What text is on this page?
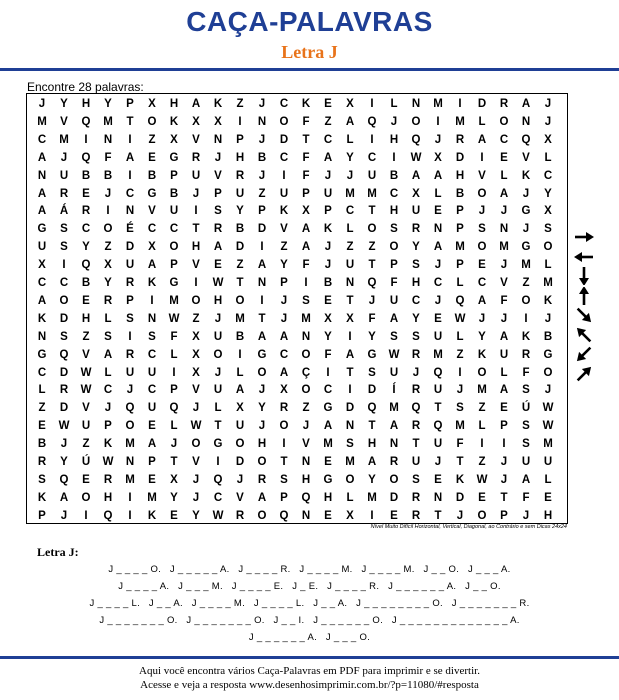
CAÇA-PALAVRAS
Letra J
Encontre 28 palavras:
J	Y	H	Y	P	X	H	A	K	Z	J	C	K	E	X	I	L	N	M	I	D	R	A	J
M	V	Q	M	T	O	K	X	X	I	N	O	F	Z	A	Q	J	O	I	M	L	O	N	J
C	M	I	N	I	Z	X	V	N	P	J	D	T	C	L	I	H	Q	J	R	A	C	Q	X
A	J	Q	F	A	E	G	R	J	H	B	C	F	A	Y	C	I	W	X	D	I	E	V	L
N	U	B	B	I	B	P	U	V	R	J	I	F	J	J	U	B	A	A	H	V	L	K	C
A	R	E	J	C	G	B	J	P	U	Z	U	P	U	M	M	C	X	L	B	O	A	J	Y
A	Á	R	I	N	V	U	I	S	Y	P	K	X	P	C	T	H	U	E	P	J	J	G	X
G	S	C	O	É	C	C	T	R	B	D	V	A	K	L	O	S	R	N	P	S	N	J	S
U	S	Y	Z	D	X	O	H	A	D	I	Z	A	J	Z	Z	O	Y	A	M	O	M	G	O
X	I	Q	X	U	A	P	V	E	Z	A	Y	F	J	U	T	P	S	J	P	E	J	M	L
C	C	B	Y	R	K	G	I	W	T	N	P	I	B	N	Q	F	H	C	L	C	V	Z	M
A	O	E	R	P	I	M	O	H	O	I	J	S	E	T	J	U	C	J	Q	A	F	O	K
K	D	H	L	S	N	W	Z	J	M	T	J	M	X	X	F	A	Y	E	W	J	J	I	J
N	S	Z	S	I	S	F	X	U	B	A	A	N	Y	I	Y	S	S	U	L	Y	A	K	B
G	Q	V	A	R	C	L	X	O	I	G	C	O	F	A	G	W	R	M	Z	K	U	R	G
C	D	W	L	U	U	I	X	J	L	O	A	Ç	I	T	S	U	J	Q	I	O	L	F	O
L	R	W	C	J	C	P	V	U	A	J	X	O	C	I	D	Í	R	U	J	M	A	S	J
Z	D	V	J	Q	U	Q	J	L	X	Y	R	Z	G	D	Q	M	Q	T	S	Z	E	Ú	W
E	W	U	P	O	E	L	W	T	U	J	O	J	A	N	T	A	R	Q	M	L	P	S	W
B	J	Z	K	M	A	J	O	G	O	H	I	V	M	S	H	N	T	U	F	I	I	S	M
R	Y	Ú	W	N	P	T	V	I	D	O	T	N	E	M	A	R	U	J	T	Z	J	U	U
S	Q	E	R	M	E	X	J	Q	J	R	S	H	G	O	Y	O	S	E	K	W	J	A	L
K	A	O	H	I	M	Y	J	C	V	A	P	Q	H	L	M	D	R	N	D	E	T	F	E
P	J	I	Q	I	K	E	Y	W	R	O	Q	N	E	X	I	E	R	T	J	O	P	J	H
Nível Muito Difícil Horizontal, Vertical, Diagonal, ao Contrário e sem Dicas 24x24
Letra J:
J _ _ _ _ O.   J _ _ _ _ _ A.   J _ _ _ _ R.   J _ _ _ _ M.   J _ _ _ _ M.   J _ _ O.   J _ _ _ A.
J _ _ _ _ A.   J _ _ _ M.   J _ _ _ _ E.   J _ E.   J _ _ _ _ R.   J _ _ _ _ _ _ A.   J _ _ O.
J _ _ _ _ L.   J _ _ A.   J _ _ _ _ M.   J _ _ _ _ L.   J _ _ A.   J _ _ _ _ _ _ _ _ O.   J _ _ _ _ _ _ _ R.
J _ _ _ _ _ _ _ O.   J _ _ _ _ _ _ _ O.   J _ _ I.   J _ _ _ _ _ _ O.   J _ _ _ _ _ _ _ _ _ _ _ _ _ A.
J _ _ _ _ _ _ A.   J _ _ _ O.
Aqui você encontra vários Caça-Palavras em PDF para imprimir e se divertir.
Acesse e veja a resposta www.desenhosimprimir.com.br/?p=11080/#resposta
